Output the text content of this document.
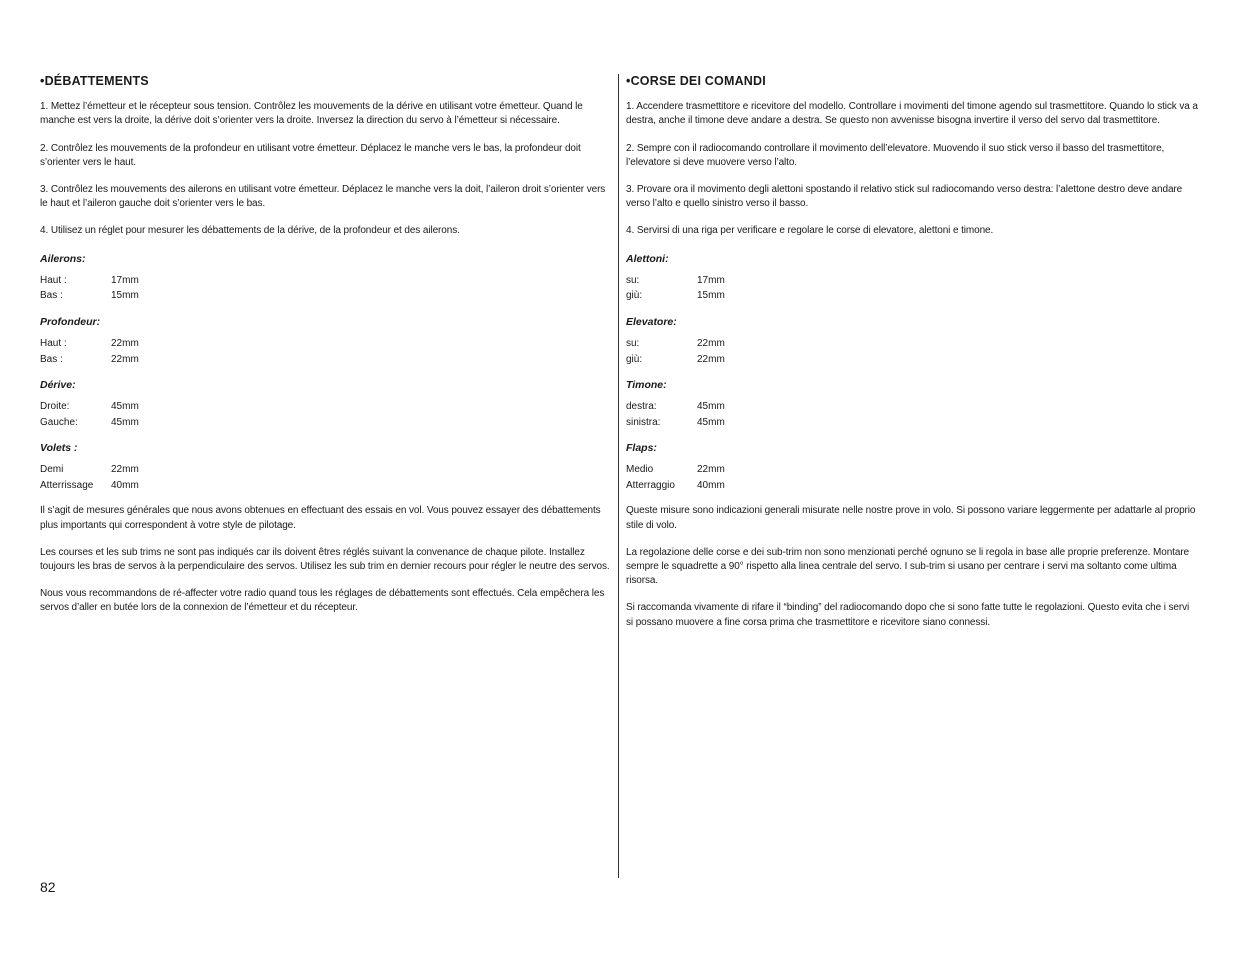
•DÉBATTEMENTS

1. Mettez l’émetteur et le récepteur sous tension. Contrôlez les mouvements de la dérive en utilisant votre émetteur. Quand le manche est vers la droite, la dérive doit s’orienter vers la droite. Inversez la direction du servo à l’émetteur si nécessaire.

2. Contrôlez les mouvements de la profondeur en utilisant votre émetteur. Déplacez le manche vers le bas, la profondeur doit s’orienter vers le haut.

3. Contrôlez les mouvements des ailerons en utilisant votre émetteur. Déplacez le manche vers la doit, l’aileron droit s’orienter vers le haut et l’aileron gauche doit s’orienter vers le bas.

4. Utilisez un réglet pour mesurer les débattements de la dérive, de la profondeur et des ailerons.

Ailerons:
Haut :	17mm
Bas :	15mm
Profondeur:
Haut :	22mm
Bas :	22mm
Dérive:
Droite:	45mm
Gauche:	45mm
Volets :
Demi	22mm
Atterrissage	40mm

Il s’agit de mesures générales que nous avons obtenues en effectuant des essais en vol. Vous pouvez essayer des débattements plus importants qui correspondent à votre style de pilotage.

Les courses et les sub trims ne sont pas indiqués car ils doivent êtres réglés suivant la convenance de chaque pilote. Installez toujours les bras de servos à la perpendiculaire des servos. Utilisez les sub trim en dernier recours pour régler le neutre des servos.

Nous vous recommandons de ré-affecter votre radio quand tous les réglages de débattements sont effectués. Cela empêchera les servos d’aller en butée lors de la connexion de l’émetteur et du récepteur.

•CORSE DEI COMANDI

1. Accendere trasmettitore e ricevitore del modello. Controllare i movimenti del timone agendo sul trasmettitore. Quando lo stick va a destra, anche il timone deve andare a destra. Se questo non avvenisse bisogna invertire il verso del servo dal trasmettitore.

2. Sempre con il radiocomando controllare il movimento dell’elevatore. Muovendo il suo stick verso il basso del trasmettitore, l’elevatore si deve muovere verso l’alto.

3. Provare ora il movimento degli alettoni spostando il relativo stick sul radiocomando verso destra: l’alettone destro deve andare verso l’alto e quello sinistro verso il basso.

4. Servirsi di una riga per verificare e regolare le corse di elevatore, alettoni e timone.

Alettoni:
su:	17mm
giù:	15mm
Elevatore:
su:	22mm
giù:	22mm
Timone:
destra:	45mm
sinistra:	45mm
Flaps:
Medio	22mm
Atterraggio	40mm

Queste misure sono indicazioni generali misurate nelle nostre prove in volo. Si possono variare leggermente per adattarle al proprio stile di volo.

La regolazione delle corse e dei sub-trim non sono menzionati perché ognuno se li regola in base alle proprie preferenze. Montare sempre le squadrette a 90° rispetto alla linea centrale del servo. I sub-trim si usano per centrare i servi ma soltanto come ultima risorsa.

Si raccomanda vivamente di rifare il “binding” del radiocomando dopo che si sono fatte tutte le regolazioni. Questo evita che i servi si possano muovere a fine corsa prima che trasmettitore e ricevitore siano connessi.

82
